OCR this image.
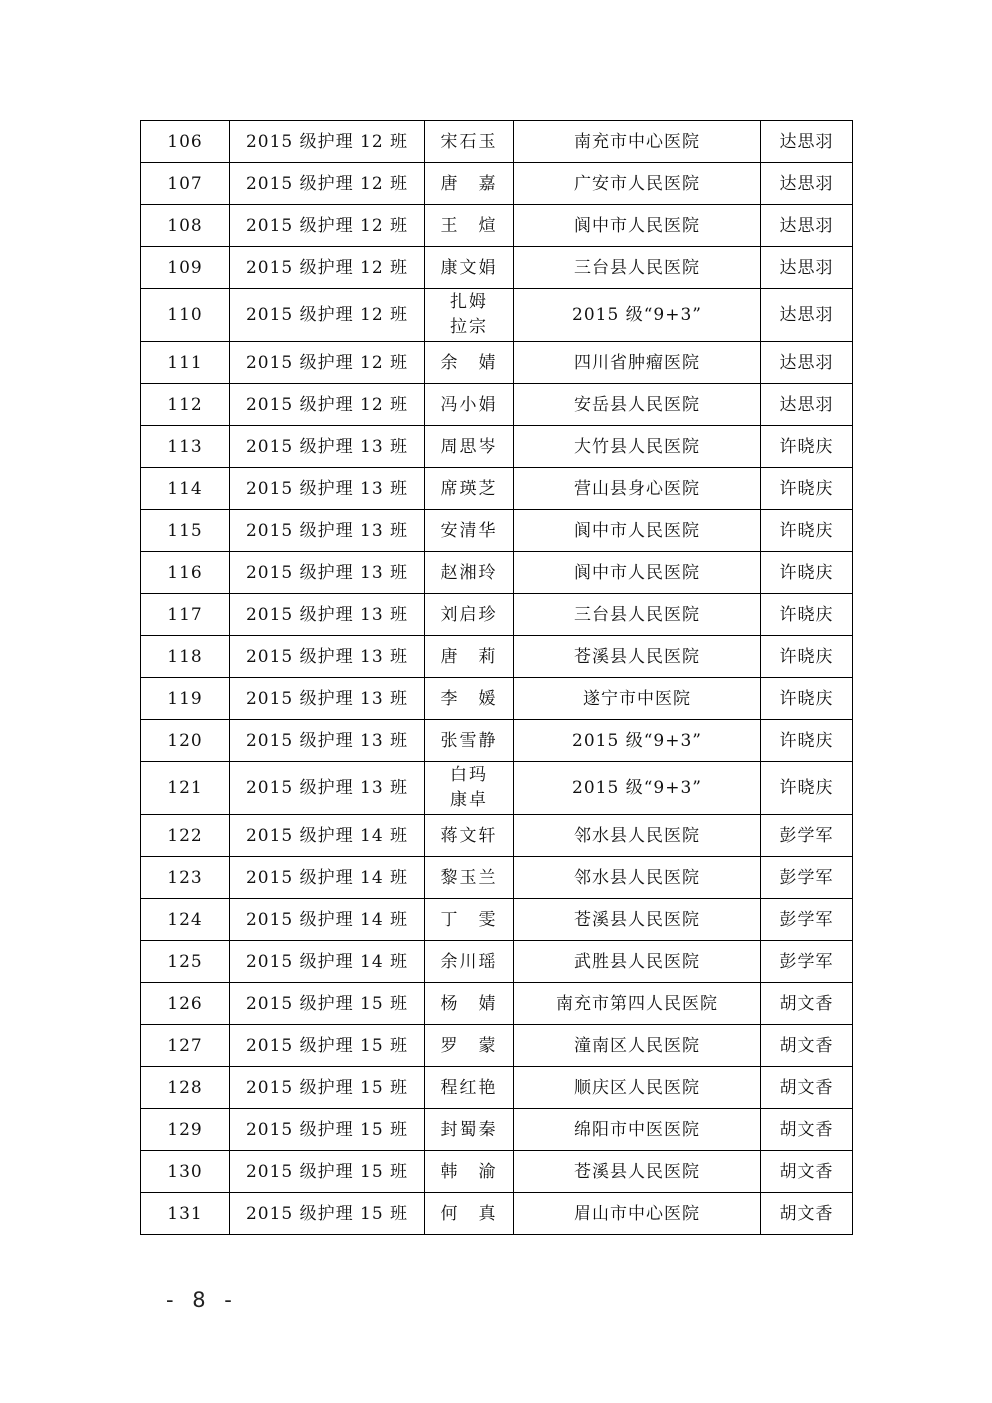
106	2015 级护理 12 班	宋石玉	南充市中心医院	达思羽
107	2015 级护理 12 班	唐　嘉	广安市人民医院	达思羽
108	2015 级护理 12 班	王　煊	阆中市人民医院	达思羽
109	2015 级护理 12 班	康文娟	三台县人民医院	达思羽
110	2015 级护理 12 班	扎姆拉宗	2015 级“9+3”	达思羽
111	2015 级护理 12 班	余　婧	四川省肿瘤医院	达思羽
112	2015 级护理 12 班	冯小娟	安岳县人民医院	达思羽
113	2015 级护理 13 班	周思岑	大竹县人民医院	许晓庆
114	2015 级护理 13 班	席瑛芝	营山县身心医院	许晓庆
115	2015 级护理 13 班	安清华	阆中市人民医院	许晓庆
116	2015 级护理 13 班	赵湘玲	阆中市人民医院	许晓庆
117	2015 级护理 13 班	刘启珍	三台县人民医院	许晓庆
118	2015 级护理 13 班	唐　莉	苍溪县人民医院	许晓庆
119	2015 级护理 13 班	李　媛	遂宁市中医院	许晓庆
120	2015 级护理 13 班	张雪静	2015 级“9+3”	许晓庆
121	2015 级护理 13 班	白玛康卓	2015 级“9+3”	许晓庆
122	2015 级护理 14 班	蒋文轩	邻水县人民医院	彭学军
123	2015 级护理 14 班	黎玉兰	邻水县人民医院	彭学军
124	2015 级护理 14 班	丁　雯	苍溪县人民医院	彭学军
125	2015 级护理 14 班	余川瑶	武胜县人民医院	彭学军
126	2015 级护理 15 班	杨　婧	南充市第四人民医院	胡文香
127	2015 级护理 15 班	罗　蒙	潼南区人民医院	胡文香
128	2015 级护理 15 班	程红艳	顺庆区人民医院	胡文香
129	2015 级护理 15 班	封蜀秦	绵阳市中医医院	胡文香
130	2015 级护理 15 班	韩　渝	苍溪县人民医院	胡文香
131	2015 级护理 15 班	何　真	眉山市中心医院	胡文香
- 8 -
